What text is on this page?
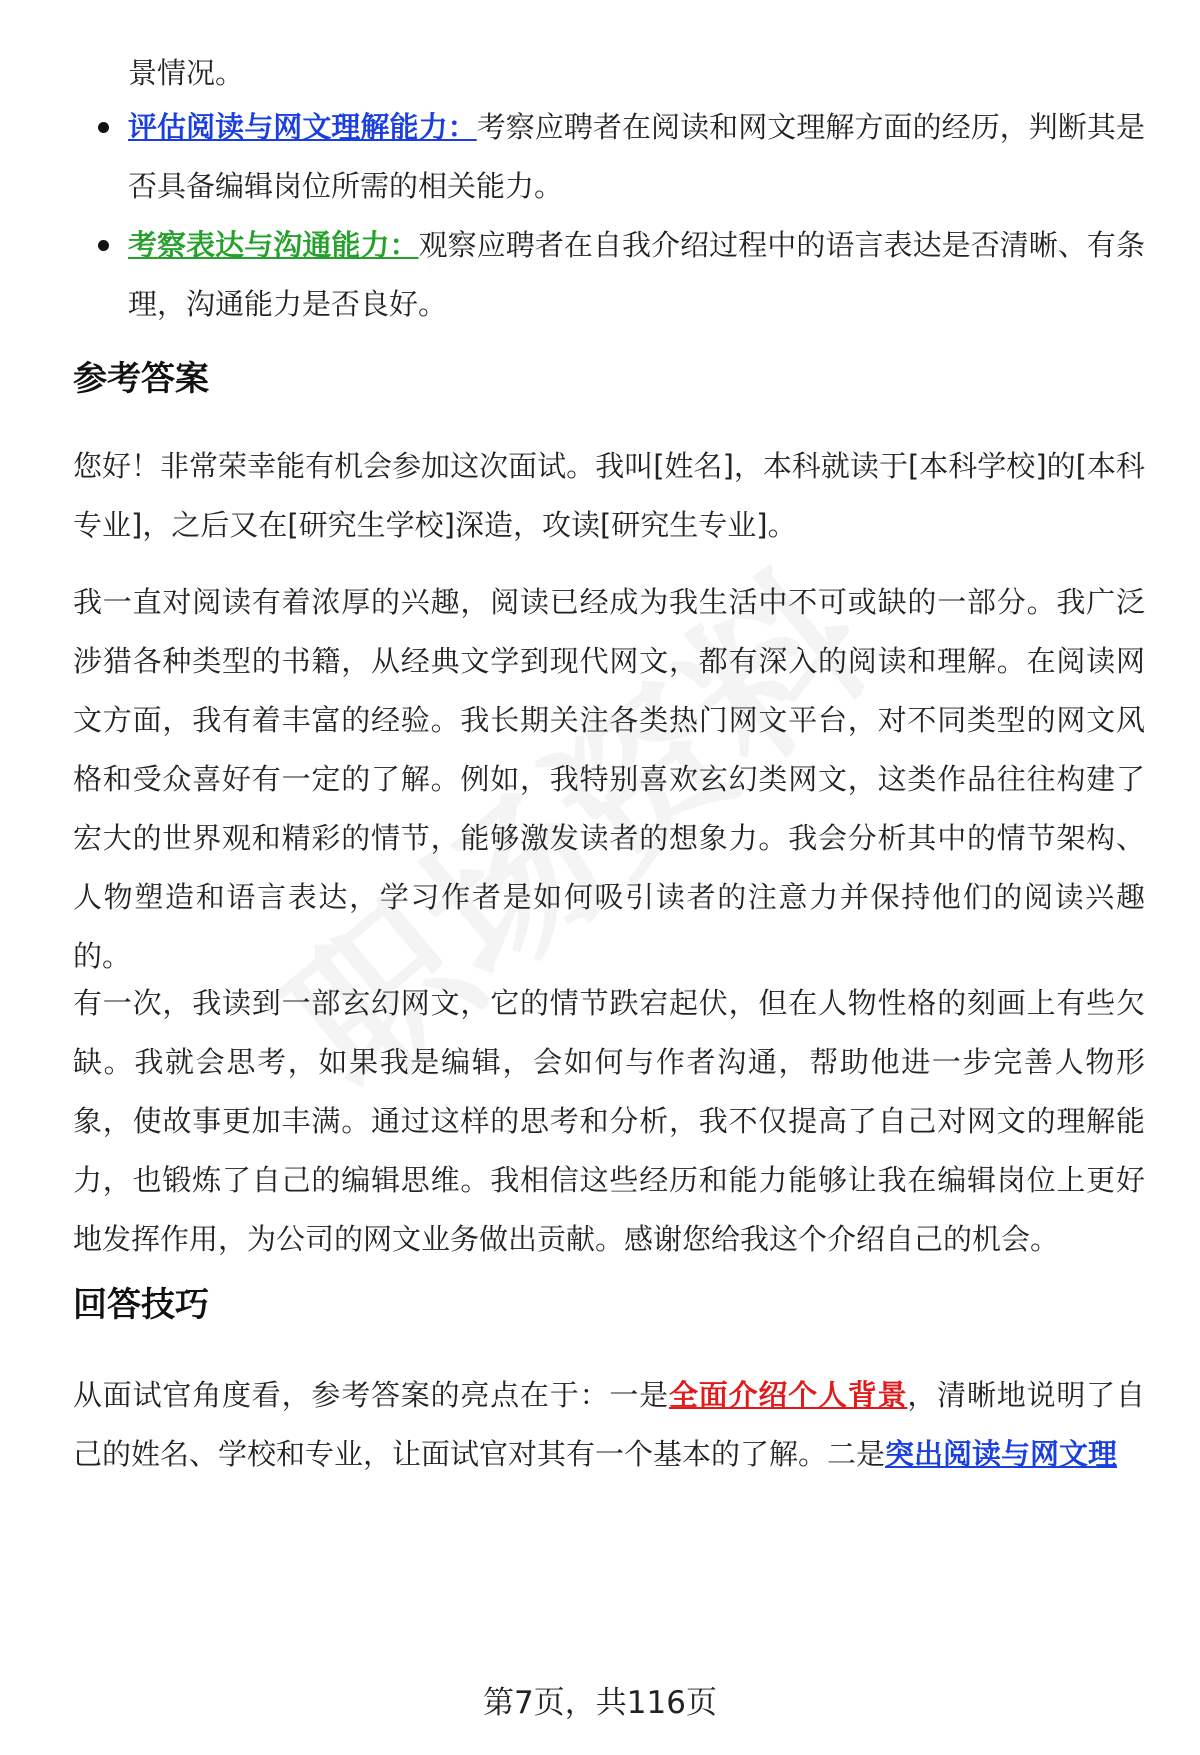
景情况。

评估阅读与网文理解能力：考察应聘者在阅读和网文理解方面的经历，判断其是否具备编辑岗位所需的相关能力。
考察表达与沟通能力：观察应聘者在自我介绍过程中的语言表达是否清晰、有条理，沟通能力是否良好。
参考答案

您好！非常荣幸能有机会参加这次面试。我叫[姓名]，本科就读于[本科学校]的[本科专业]，之后又在[研究生学校]深造，攻读[研究生专业]。

我一直对阅读有着浓厚的兴趣，阅读已经成为我生活中不可或缺的一部分。我广泛涉猎各种类型的书籍，从经典文学到现代网文，都有深入的阅读和理解。在阅读网文方面，我有着丰富的经验。我长期关注各类热门网文平台，对不同类型的网文风格和受众喜好有一定的了解。例如，我特别喜欢玄幻类网文，这类作品往往构建了宏大的世界观和精彩的情节，能够激发读者的想象力。我会分析其中的情节架构、人物塑造和语言表达，学习作者是如何吸引读者的注意力并保持他们的阅读兴趣的。

有一次，我读到一部玄幻网文，它的情节跌宕起伏，但在人物性格的刻画上有些欠缺。我就会思考，如果我是编辑，会如何与作者沟通，帮助他进一步完善人物形象，使故事更加丰满。通过这样的思考和分析，我不仅提高了自己对网文的理解能力，也锻炼了自己的编辑思维。我相信这些经历和能力能够让我在编辑岗位上更好地发挥作用，为公司的网文业务做出贡献。感谢您给我这个介绍自己的机会。

回答技巧

从面试官角度看，参考答案的亮点在于：一是全面介绍个人背景，清晰地说明了自己的姓名、学校和专业，让面试官对其有一个基本的了解。二是突出阅读与网文理

第7页，共116页
